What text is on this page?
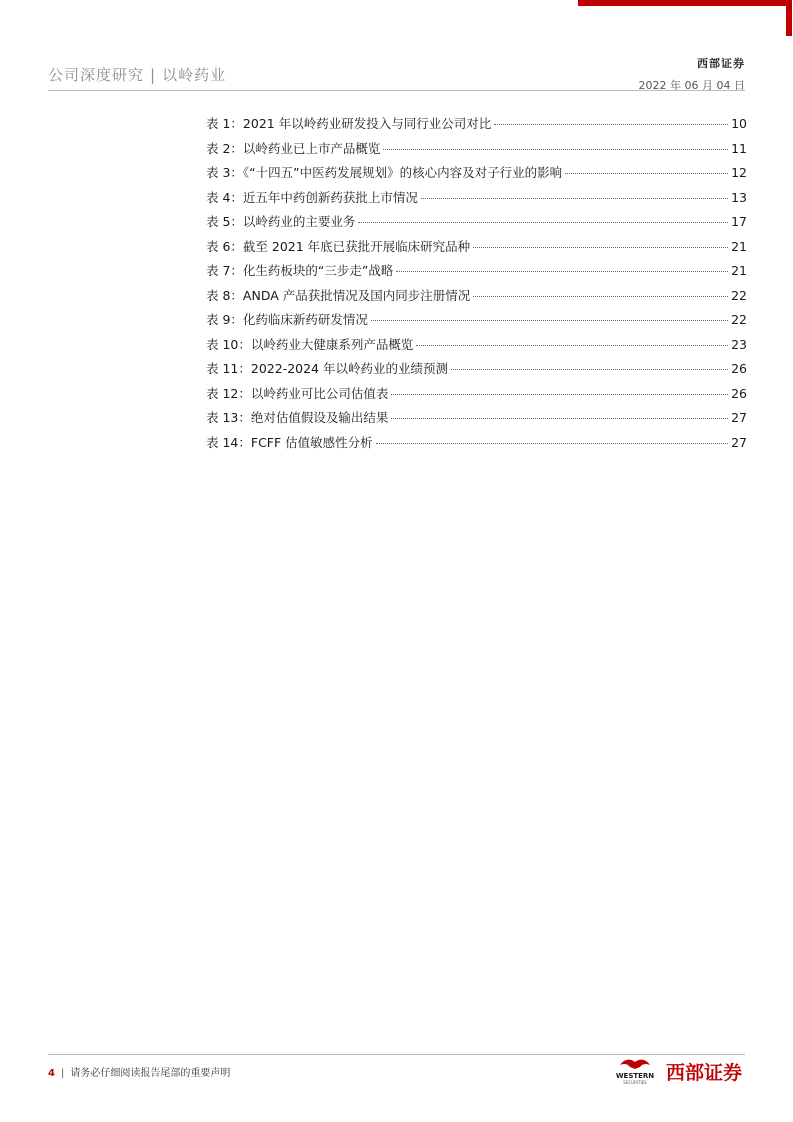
公司深度研究 | 以岭药业
西部证券
2022 年 06 月 04 日
表 1：2021 年以岭药业研发投入与同行业公司对比	10
表 2：以岭药业已上市产品概览	11
表 3：《“十四五”中医药发展规划》的核心内容及对子行业的影响	12
表 4：近五年中药创新药获批上市情况	13
表 5：以岭药业的主要业务	17
表 6：截至 2021 年底已获批开展临床研究品种	21
表 7：化生药板块的“三步走”战略	21
表 8：ANDA 产品获批情况及国内同步注册情况	22
表 9：化药临床新药研发情况	22
表 10：以岭药业大健康系列产品概览	23
表 11：2022-2024 年以岭药业的业绩预测	26
表 12：以岭药业可比公司估值表	26
表 13：绝对估值假设及输出结果	27
表 14：FCFF 估值敏感性分析	27
4 | 请务必仔细阅读报告尾部的重要声明	WESTERN
SECURITIES 西部证券
